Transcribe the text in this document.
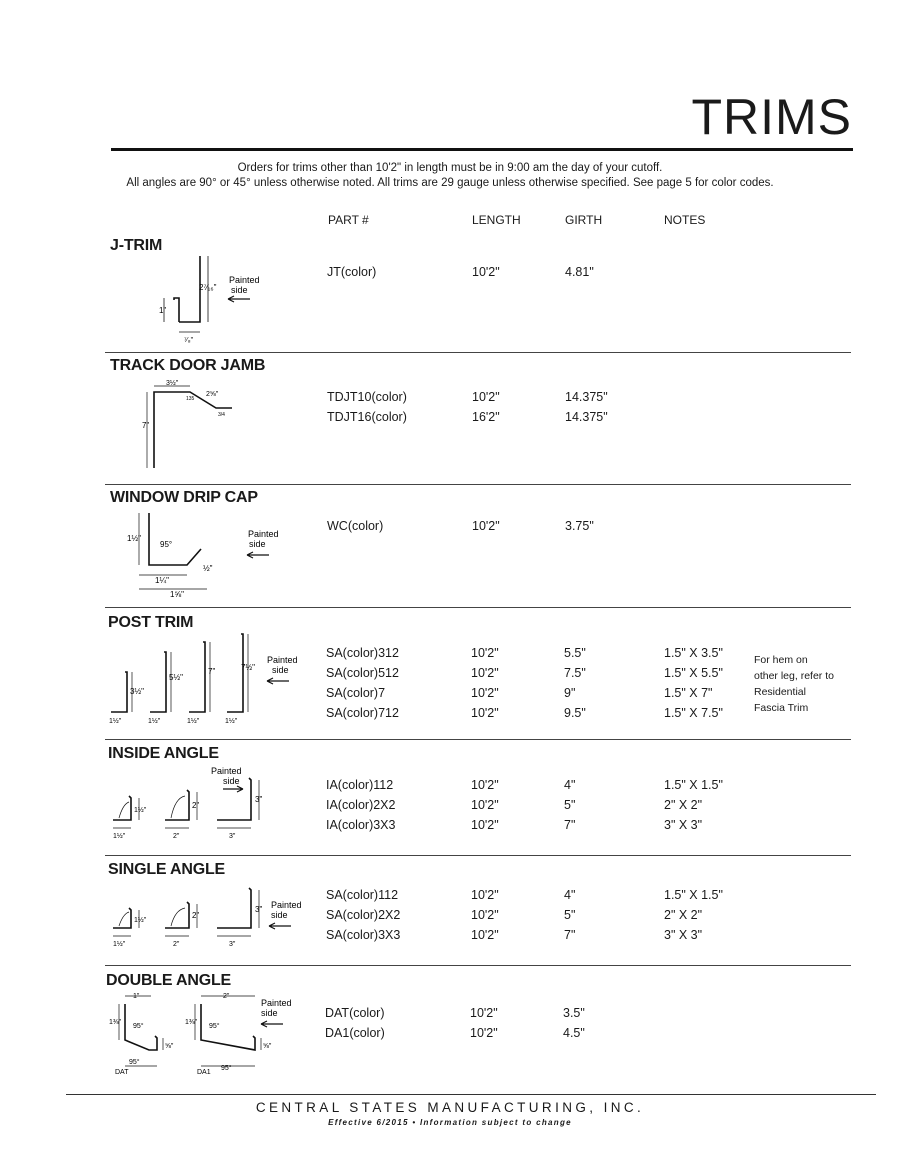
TRIMS
Orders for trims other than 10'2" in length must be in 9:00 am the day of your cutoff.
All angles are 90° or 45° unless otherwise noted. All trims are 29 gauge unless otherwise specified. See page 5 for color codes.
PART #	LENGTH	GIRTH	NOTES
J-TRIM
2⁷⁄₁₆"
1"
⁷⁄₈"
Painted
side
JT(color)	10'2"	4.81"
TRACK DOOR JAMB
3½"
2⅝"
135
3/4
7"
TDJT10(color)	10'2"	14.375"
TDJT16(color)	16'2"	14.375"
WINDOW DRIP CAP
1½"
95°
½"
1¼"
1⅝"
Painted
side
WC(color)	10'2"	3.75"
POST TRIM
3½"
5½"
7"	7½"
1½"	1½"	1½"	1½"
Painted
side
SA(color)312	10'2"	5.5"	1.5" X 3.5"
SA(color)512	10'2"	7.5"	1.5" X 5.5"
SA(color)7	10'2"	9"	1.5" X 7"
SA(color)712	10'2"	9.5"	1.5" X 7.5"
For hem on
other leg, refer to
Residential
Fascia Trim
INSIDE ANGLE
1½"
2"
3"
1½"	2"	3"
Painted
side	IA(color)112	10'2"	4"	1.5" X 1.5"
IA(color)2X2	10'2"	5"	2" X 2"
IA(color)3X3	10'2"	7"	3" X 3"
SINGLE ANGLE
1½"
2"
3"
1½"	2"	3"
Painted
side
SA(color)112	10'2"	4"	1.5" X 1.5"
SA(color)2X2	10'2"	5"	2" X 2"
SA(color)3X3	10'2"	7"	3" X 3"
DOUBLE ANGLE
1"	2"
1⅜"	1⅜"
95°	95°
95°
95°
⅝"	⅝"
DAT	DA1
Painted
side	DAT(color)	10'2"	3.5"
DA1(color)	10'2"	4.5"
CENTRAL STATES MANUFACTURING, INC.
Effective 6/2015 • Information subject to change
